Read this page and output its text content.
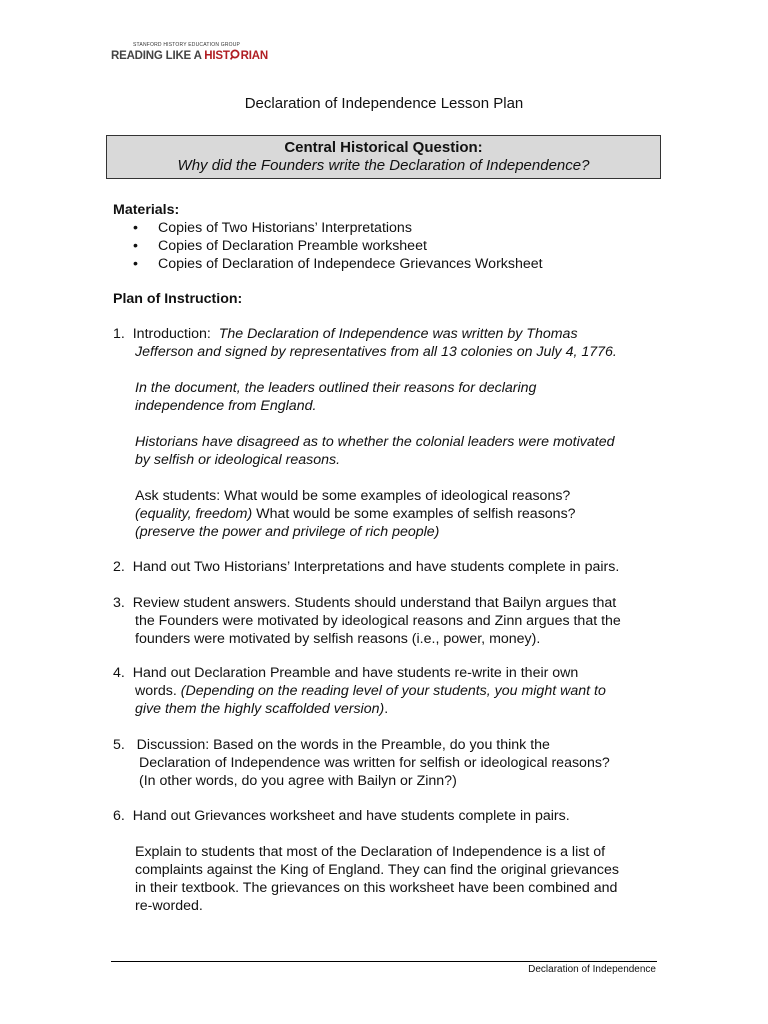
STANFORD HISTORY EDUCATION GROUP
READING LIKE A HIST RIAN
Declaration of Independence Lesson Plan
Central Historical Question:
Why did the Founders write the Declaration of Independence?
Materials:
• Copies of Two Historians’ Interpretations
• Copies of Declaration Preamble worksheet
• Copies of Declaration of Independece Grievances Worksheet
Plan of Instruction:
1. Introduction: The Declaration of Independence was written by Thomas
Jefferson and signed by representatives from all 13 colonies on July 4, 1776.
In the document, the leaders outlined their reasons for declaring
independence from England.
Historians have disagreed as to whether the colonial leaders were motivated
by selfish or ideological reasons.
Ask students: What would be some examples of ideological reasons?
(equality, freedom) What would be some examples of selfish reasons?
(preserve the power and privilege of rich people)
2. Hand out Two Historians’ Interpretations and have students complete in pairs.
3. Review student answers. Students should understand that Bailyn argues that
the Founders were motivated by ideological reasons and Zinn argues that the
founders were motivated by selfish reasons (i.e., power, money).
4. Hand out Declaration Preamble and have students re-write in their own
words. (Depending on the reading level of your students, you might want to
give them the highly scaffolded version).
5. Discussion: Based on the words in the Preamble, do you think the
Declaration of Independence was written for selfish or ideological reasons?
(In other words, do you agree with Bailyn or Zinn?)
6. Hand out Grievances worksheet and have students complete in pairs.
Explain to students that most of the Declaration of Independence is a list of
complaints against the King of England. They can find the original grievances
in their textbook. The grievances on this worksheet have been combined and
re-worded.
Declaration of Independence
